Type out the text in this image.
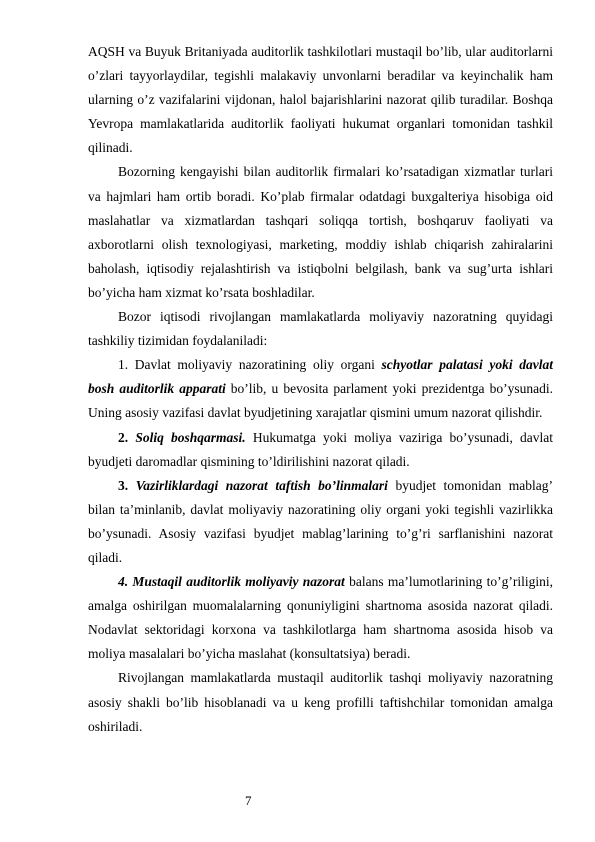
AQSH va Buyuk Britaniyada auditorlik tashkilotlari mustaqil bo’lib, ular auditorlarni o’zlari tayyorlaydilar, tegishli malakaviy unvonlarni beradilar va keyinchalik ham ularning o’z vazifalarini vijdonan, halol bajarishlarini nazorat qilib turadilar. Boshqa Yevropa mamlakatlarida auditorlik faoliyati hukumat organlari tomonidan tashkil qilinadi.

Bozorning kengayishi bilan auditorlik firmalari ko’rsatadigan xizmatlar turlari va hajmlari ham ortib boradi. Ko’plab firmalar odatdagi buxgalteriya hisobiga oid maslahatlar va xizmatlardan tashqari soliqqa tortish, boshqaruv faoliyati va axborotlarni olish texnologiyasi, marketing, moddiy ishlab chiqarish zahiralarini baholash, iqtisodiy rejalashtirish va istiqbolni belgilash, bank va sug’urta ishlari bo’yicha ham xizmat ko’rsata boshladilar.

Bozor iqtisodi rivojlangan mamlakatlarda moliyaviy nazoratning quyidagi tashkiliy tizimidan foydalaniladi:

1. Davlat moliyaviy nazoratining oliy organi schyotlar palatasi yoki davlat bosh auditorlik apparati bo’lib, u bevosita parlament yoki prezidentga bo’ysunadi. Uning asosiy vazifasi davlat byudjetining xarajatlar qismini umum nazorat qilishdir.

2. Soliq boshqarmasi. Hukumatga yoki moliya vaziriga bo’ysunadi, davlat byudjeti daromadlar qismining to’ldirilishini nazorat qiladi.

3. Vazirliklardagi nazorat taftish bo’linmalari byudjet tomonidan mablag’ bilan ta’minlanib, davlat moliyaviy nazoratining oliy organi yoki tegishli vazirlikka bo’ysunadi. Asosiy vazifasi byudjet mablag’larining to’g’ri sarflanishini nazorat qiladi.

4. Mustaqil auditorlik moliyaviy nazorat balans ma’lumotlarining to’g’riligini, amalga oshirilgan muomalalarning qonuniyligini shartnoma asosida nazorat qiladi. Nodavlat sektoridagi korxona va tashkilotlarga ham shartnoma asosida hisob va moliya masalalari bo’yicha maslahat (konsultatsiya) beradi.

Rivojlangan mamlakatlarda mustaqil auditorlik tashqi moliyaviy nazoratning asosiy shakli bo’lib hisoblanadi va u keng profilli taftishchilar tomonidan amalga oshiriladi.

7
